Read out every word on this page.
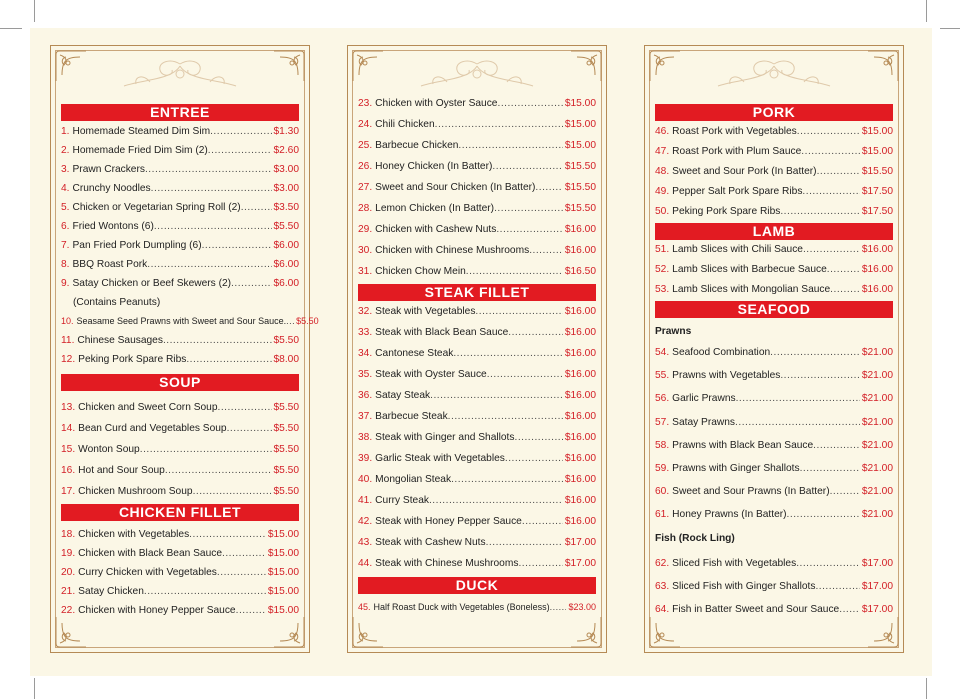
ENTREE
1. Homemade Steamed Dim Sim .....	$1.30
2. Homemade Fried Dim Sim (2) .....	$2.60
3. Prawn Crackers .....	$3.00
4. Crunchy Noodles .....	$3.00
5. Chicken or Vegetarian Spring Roll (2) .....	$3.50
6. Fried Wontons (6) .....	$5.50
7. Pan Fried Pork Dumpling (6) .....	$6.00
8. BBQ Roast Pork .....	$6.00
9. Satay Chicken or Beef Skewers (2) .....	$6.00
10. Seasame Seed Prawns with Sweet and Sour Sauce. ..... $5.50
11. Chinese Sausages .....	$5.50
12. Peking Pork Spare Ribs .....	$8.00
(Contains Peanuts)
SOUP
13. Chicken and Sweet Corn Soup .....	$5.50
14. Bean Curd and Vegetables Soup .....	$5.50
15. Wonton Soup .....	$5.50
16. Hot and Sour Soup .....	$5.50
17. Chicken Mushroom Soup .....	$5.50
CHICKEN FILLET
18. Chicken with Vegetables .....	$15.00
19. Chicken with Black Bean Sauce .....	$15.00
20. Curry Chicken with Vegetables .....	$15.00
21. Satay Chicken .....	$15.00
22. Chicken with Honey Pepper Sauce .....	$15.00
23. Chicken with Oyster Sauce .....	$15.00
24. Chili Chicken .....	$15.00
25. Barbecue Chicken .....	$15.00
26. Honey Chicken (In Batter) .....	$15.50
27. Sweet and Sour Chicken (In Batter) .....	$15.50
28. Lemon Chicken (In Batter) .....	$15.50
29. Chicken with Cashew Nuts .....	$16.00
30. Chicken with Chinese Mushrooms .....	$16.00
31. Chicken Chow Mein .....	$16.50
STEAK FILLET
32. Steak with Vegetables .....	$16.00
33. Steak with Black Bean Sauce .....	$16.00
34. Cantonese Steak .....	$16.00
35. Steak with Oyster Sauce .....	$16.00
36. Satay Steak .....	$16.00
37. Barbecue Steak .....	$16.00
38. Steak with Ginger and Shallots .....	$16.00
39. Garlic Steak with Vegetables .....	$16.00
40. Mongolian Steak .....	$16.00
41. Curry Steak .....	$16.00
42. Steak with Honey Pepper Sauce .....	$16.00
43. Steak with Cashew Nuts .....	$17.00
44. Steak with Chinese Mushrooms .....	$17.00
DUCK
45. Half Roast Duck with Vegetables (Boneless) ..... $23.00
PORK
46. Roast Pork with Vegetables .....	$15.00
47. Roast Pork with Plum Sauce .....	$15.00
48. Sweet and Sour Pork (In Batter) .....	$15.50
49. Pepper Salt Pork Spare Ribs .....	$17.50
50. Peking Pork Spare Ribs .....	$17.50
LAMB
51. Lamb Slices with Chili Sauce .....	$16.00
52. Lamb Slices with Barbecue Sauce .....	$16.00
53. Lamb Slices with Mongolian Sauce .....	$16.00
SEAFOOD
Prawns
54. Seafood Combination .....	$21.00
55. Prawns with Vegetables .....	$21.00
56. Garlic Prawns .....	$21.00
57. Satay Prawns .....	$21.00
58. Prawns with Black Bean Sauce .....	$21.00
59. Prawns with Ginger Shallots .....	$21.00
60. Sweet and Sour Prawns (In Batter) .....	$21.00
61. Honey Prawns (In Batter) .....	$21.00
Fish (Rock Ling)
62. Sliced Fish with Vegetables .....	$17.00
63. Sliced Fish with Ginger Shallots .....	$17.00
64. Fish in Batter Sweet and Sour Sauce ..... $17.00
